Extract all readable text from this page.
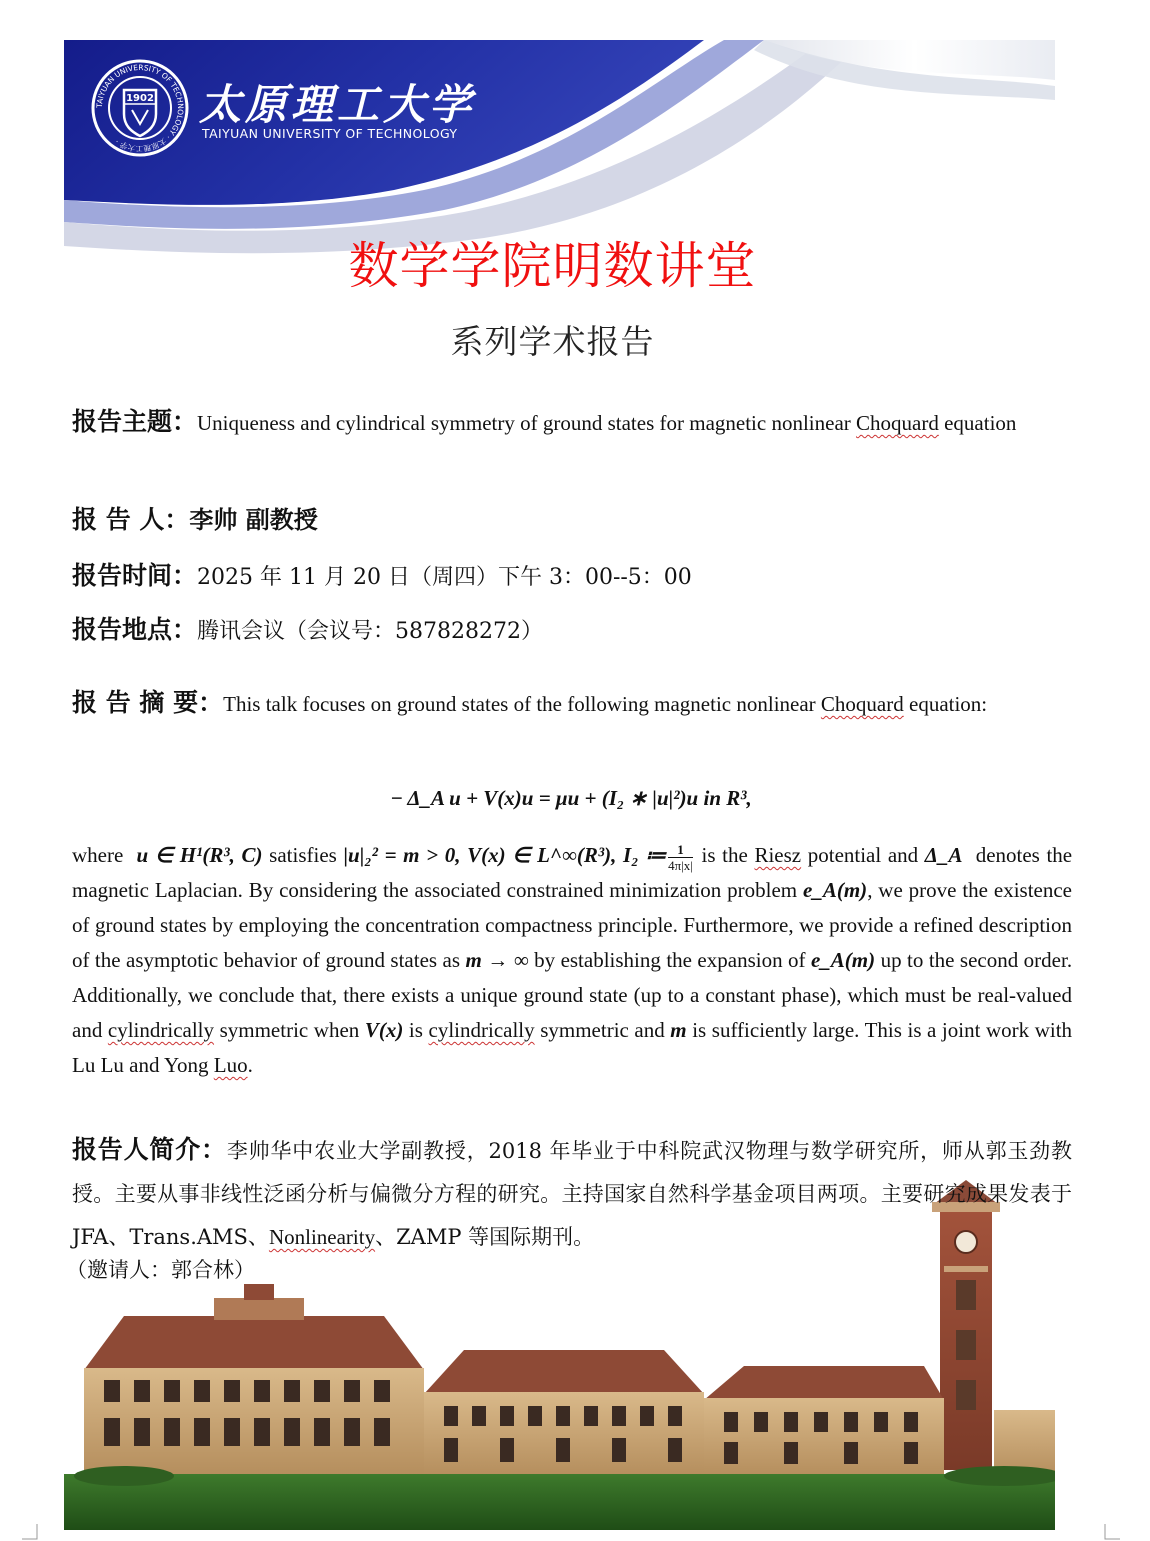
TAIYUAN UNIVERSITY OF TECHNOLOGY · 太原理工大学 ·
1902 太原理工大学
TAIYUAN UNIVERSITY OF TECHNOLOGY
数学学院明数讲堂
系列学术报告
报告主题：Uniqueness and cylindrical symmetry of ground states for magnetic nonlinear Choquard equation
报 告 人：李帅 副教授
报告时间：2025 年 11 月 20 日（周四）下午 3：00--5：00
报告地点：腾讯会议（会议号：587828272）
报 告 摘 要：This talk focuses on ground states of the following magnetic nonlinear Choquard equation:
− Δ_A u + V(x)u = μu + (I₂ ∗ |u|²)u in R³,
where u ∈ H¹(R³, C) satisfies |u|₂² = m > 0, V(x) ∈ L^∞(R³), I₂ ≔ $\frac{1}{4\pi|x|}$ is the Riesz potential and Δ_A denotes the magnetic Laplacian. By considering the associated constrained minimization problem e_A(m), we prove the existence of ground states by employing the concentration compactness principle. Furthermore, we provide a refined description of the asymptotic behavior of ground states as m → ∞ by establishing the expansion of e_A(m) up to the second order. Additionally, we conclude that, there exists a unique ground state (up to a constant phase), which must be real-valued and cylindrically symmetric when V(x) is cylindrically symmetric and m is sufficiently large. This is a joint work with Lu Lu and Yong Luo.
报告人简介：李帅华中农业大学副教授，2018 年毕业于中科院武汉物理与数学研究所，师从郭玉劲教授。主要从事非线性泛函分析与偏微分方程的研究。主持国家自然科学基金项目两项。主要研究成果发表于 JFA、Trans.AMS、Nonlinearity、ZAMP 等国际期刊。
（邀请人：郭合林）
